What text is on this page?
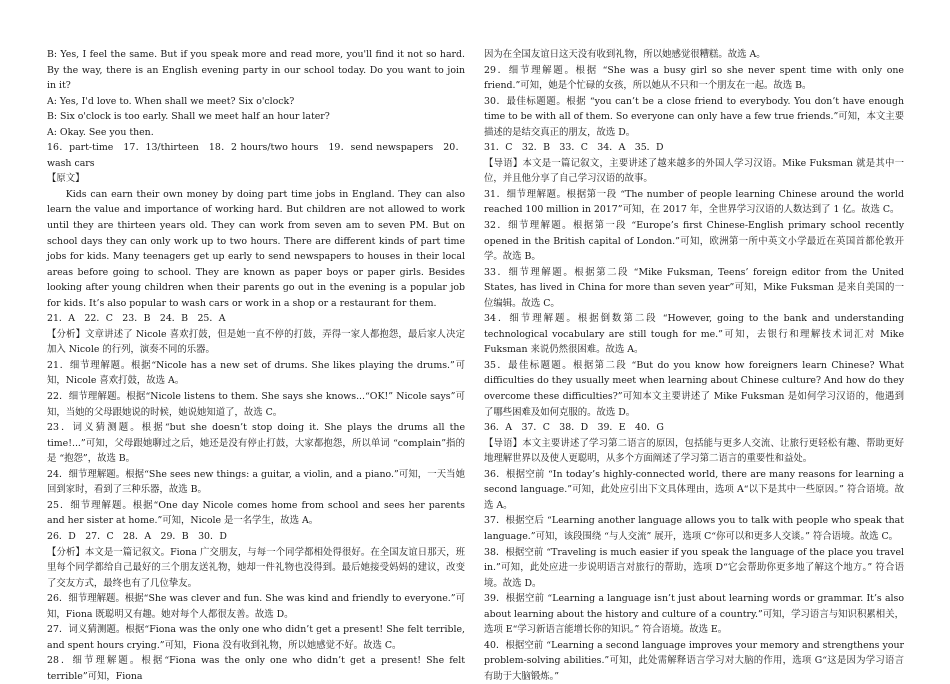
B: Yes, I feel the same. But if you speak more and read more, you'll find it not so hard. By the way, there is an English evening party in our school today. Do you want to join in it?

A: Yes, I'd love to. When shall we meet? Six o'clock?

B: Six o'clock is too early. Shall we meet half an hour later?

A: Okay. See you then.

16．part-time　17．13/thirteen　18．2 hours/two hours　19．send newspapers　20．wash cars

【原文】

Kids can earn their own money by doing part time jobs in England. They can also learn the value and importance of working hard. But children are not allowed to work until they are thirteen years old. They can work from seven am to seven PM. But on school days they can only work up to two hours. There are different kinds of part time jobs for kids. Many teenagers get up early to send newspapers to houses in their local areas before going to school. They are known as paper boys or paper girls. Besides looking after young children when their parents go out in the evening is a popular job for kids. It’s also popular to wash cars or work in a shop or a restaurant for them.

21．A　22．C　23．B　24．B　25．A

【分析】文章讲述了 Nicole 喜欢打鼓，但是她一直不停的打鼓，弄得一家人都抱怨，最后家人决定加入 Nicole 的行列，演奏不同的乐器。

21．细节理解题。根据“Nicole has a new set of drums. She likes playing the drums.”可知，Nicole 喜欢打鼓，故选 A。

22．细节理解题。根据“Nicole listens to them. She says she knows...“OK!” Nicole says”可知，当她的父母跟她说的时候，她说她知道了，故选 C。

23．词义猜测题。根据“but she doesn’t stop doing it. She plays the drums all the time!...”可知，父母跟她聊过之后，她还是没有停止打鼓，大家都抱怨，所以单词 “complain”指的是 “抱怨”，故选 B。

24．细节理解题。根据“She sees new things: a guitar, a violin, and a piano.”可知，一天当她回到家时，看到了三种乐器，故选 B。

25．细节理解题。根据“One day Nicole comes home from school and sees her parents and her sister at home.”可知，Nicole 是一名学生，故选 A。

26．D　27．C　28．A　29．B　30．D

【分析】本文是一篇记叙文。Fiona 广交朋友，与每一个同学都相处得很好。在全国友谊日那天，班里每个同学都给自己最好的三个朋友送礼物，她却一件礼物也没得到。最后她接受妈妈的建议，改变了交友方式，最终也有了几位挚友。

26．细节理解题。根据“She was clever and fun. She was kind and friendly to everyone.”可知，Fiona 既聪明又有趣。她对每个人都很友善。故选 D。

27．词义猜测题。根据“Fiona was the only one who didn’t get a present! She felt terrible, and spent hours crying.”可知，Fiona 没有收到礼物，所以她感觉不好。故选 C。

28．细节理解题。根据“Fiona was the only one who didn’t get a present! She felt terrible”可知，Fiona

因为在全国友谊日这天没有收到礼物，所以她感觉很糟糕。故选 A。

29．细节理解题。根据 “She was a busy girl so she never spent time with only one friend.”可知，她是个忙碌的女孩，所以她从不只和一个朋友在一起。故选 B。

30．最佳标题题。根据 “you can’t be a close friend to everybody. You don’t have enough time to be with all of them. So everyone can only have a few true friends.”可知，本文主要描述的是结交真正的朋友，故选 D。

31．C　32．B　33．C　34．A　35．D

【导语】本文是一篇记叙文，主要讲述了越来越多的外国人学习汉语。Mike Fuksman 就是其中一位，并且他分享了自己学习汉语的故事。

31．细节理解题。根据第一段 “The number of people learning Chinese around the world reached 100 million in 2017”可知，在 2017 年，全世界学习汉语的人数达到了 1 亿。故选 C。

32．细节理解题。根据第一段 “Europe’s first Chinese-English primary school recently opened in the British capital of London.”可知，欧洲第一所中英文小学最近在英国首都伦敦开学。故选 B。

33．细节理解题。根据第二段 “Mike Fuksman, Teens’ foreign editor from the United States, has lived in China for more than seven year”可知，Mike Fuksman 是来自美国的一位编辑。故选 C。

34．细节理解题。根据倒数第二段 “However, going to the bank and understanding technological vocabulary are still tough for me.”可知，去银行和理解技术词汇对 Mike Fuksman 来说仍然很困难。故选 A。

35．最佳标题题。根据第二段 “But do you know how foreigners learn Chinese? What difficulties do they usually meet when learning about Chinese culture? And how do they overcome these difficulties?”可知本文主要讲述了 Mike Fuksman 是如何学习汉语的，他遇到了哪些困难及如何克服的。故选 D。

36．A　37．C　38．D　39．E　40．G

【导语】本文主要讲述了学习第二语言的原因，包括能与更多人交流、让旅行更轻松有趣、帮助更好地理解世界以及使人更聪明，从多个方面阐述了学习第二语言的重要性和益处。

36．根据空前 “In today’s highly-connected world, there are many reasons for learning a second language.”可知，此处应引出下文具体理由，选项 A“以下是其中一些原因。” 符合语境。故选 A。

37．根据空后 “Learning another language allows you to talk with people who speak that language.”可知，该段围绕 “与人交流” 展开，选项 C“你可以和更多人交谈。” 符合语境。故选 C。

38．根据空前 “Traveling is much easier if you speak the language of the place you travel in.”可知，此处应进一步说明语言对旅行的帮助，选项 D“它会帮助你更多地了解这个地方。” 符合语境。故选 D。

39．根据空前 “Learning a language isn’t just about learning words or grammar. It’s also about learning about the history and culture of a country.”可知，学习语言与知识积累相关，选项 E“学习新语言能增长你的知识。” 符合语境。故选 E。

40．根据空前 “Learning a second language improves your memory and strengthens your problem-solving abilities.”可知，此处需解释语言学习对大脑的作用，选项 G“这是因为学习语言有助于大脑锻炼。”
